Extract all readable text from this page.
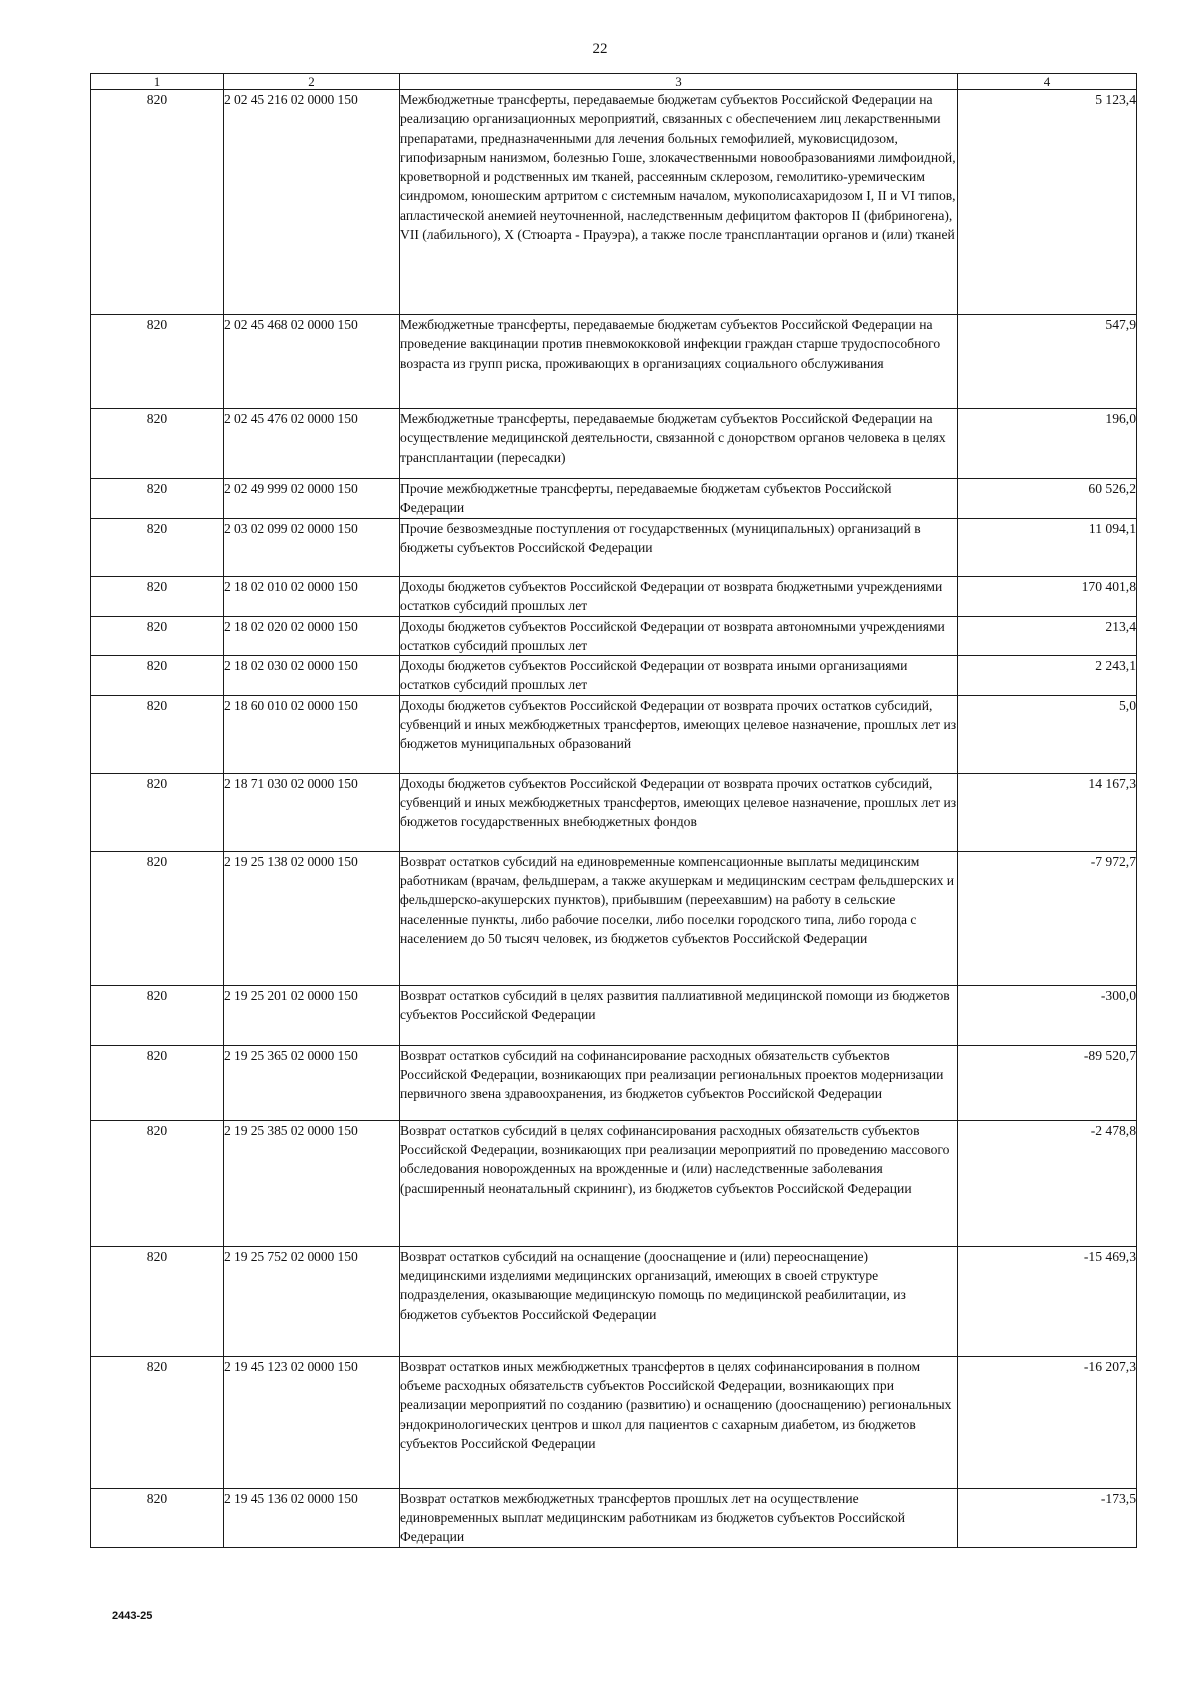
22
1	2	3	4
820	2 02 45 216 02 0000 150	Межбюджетные трансферты, передаваемые бюджетам субъектов Российской Федерации на реализацию организационных мероприятий, связанных с обеспечением лиц лекарственными препаратами, предназначенными для лечения больных гемофилией, муковисцидозом, гипофизарным нанизмом, болезнью Гоше, злокачественными новообразованиями лимфоидной, кроветворной и родственных им тканей, рассеянным склерозом, гемолитико-уремическим синдромом, юношеским артритом с системным началом, мукополисахаридозом I, II и VI типов, апластической анемией неуточненной, наследственным дефицитом факторов II (фибриногена), VII (лабильного), X (Стюарта - Прауэра), а также после трансплантации органов и (или) тканей	5 123,4
820	2 02 45 468 02 0000 150	Межбюджетные трансферты, передаваемые бюджетам субъектов Российской Федерации на проведение вакцинации против пневмококковой инфекции граждан старше трудоспособного возраста из групп риска, проживающих в организациях социального обслуживания	547,9
820	2 02 45 476 02 0000 150	Межбюджетные трансферты, передаваемые бюджетам субъектов Российской Федерации на осуществление медицинской деятельности, связанной с донорством органов человека в целях трансплантации (пересадки)	196,0
820	2 02 49 999 02 0000 150	Прочие межбюджетные трансферты, передаваемые бюджетам субъектов Российской Федерации	60 526,2
820	2 03 02 099 02 0000 150	Прочие безвозмездные поступления от государственных (муниципальных) организаций в бюджеты субъектов Российской Федерации	11 094,1
820	2 18 02 010 02 0000 150	Доходы бюджетов субъектов Российской Федерации от возврата бюджетными учреждениями остатков субсидий прошлых лет	170 401,8
820	2 18 02 020 02 0000 150	Доходы бюджетов субъектов Российской Федерации от возврата автономными учреждениями остатков субсидий прошлых лет	213,4
820	2 18 02 030 02 0000 150	Доходы бюджетов субъектов Российской Федерации от возврата иными организациями остатков субсидий прошлых лет	2 243,1
820	2 18 60 010 02 0000 150	Доходы бюджетов субъектов Российской Федерации от возврата прочих остатков субсидий, субвенций и иных межбюджетных трансфертов, имеющих целевое назначение, прошлых лет из бюджетов муниципальных образований	5,0
820	2 18 71 030 02 0000 150	Доходы бюджетов субъектов Российской Федерации от возврата прочих остатков субсидий, субвенций и иных межбюджетных трансфертов, имеющих целевое назначение, прошлых лет из бюджетов государственных внебюджетных фондов	14 167,3
820	2 19 25 138 02 0000 150	Возврат остатков субсидий на единовременные компенсационные выплаты медицинским работникам (врачам, фельдшерам, а также акушеркам и медицинским сестрам фельдшерских и фельдшерско-акушерских пунктов), прибывшим (переехавшим) на работу в сельские населенные пункты, либо рабочие поселки, либо поселки городского типа, либо города с населением до 50 тысяч человек, из бюджетов субъектов Российской Федерации	-7 972,7
820	2 19 25 201 02 0000 150	Возврат остатков субсидий в целях развития паллиативной медицинской помощи из бюджетов субъектов Российской Федерации	-300,0
820	2 19 25 365 02 0000 150	Возврат остатков субсидий на софинансирование расходных обязательств субъектов Российской Федерации, возникающих при реализации региональных проектов модернизации первичного звена здравоохранения, из бюджетов субъектов Российской Федерации	-89 520,7
820	2 19 25 385 02 0000 150	Возврат остатков субсидий в целях софинансирования расходных обязательств субъектов Российской Федерации, возникающих при реализации мероприятий по проведению массового обследования новорожденных на врожденные и (или) наследственные заболевания (расширенный неонатальный скрининг), из бюджетов субъектов Российской Федерации	-2 478,8
820	2 19 25 752 02 0000 150	Возврат остатков субсидий на оснащение (дооснащение и (или) переоснащение) медицинскими изделиями медицинских организаций, имеющих в своей структуре подразделения, оказывающие медицинскую помощь по медицинской реабилитации, из бюджетов субъектов Российской Федерации	-15 469,3
820	2 19 45 123 02 0000 150	Возврат остатков иных межбюджетных трансфертов в целях софинансирования в полном объеме расходных обязательств субъектов Российской Федерации, возникающих при реализации мероприятий по созданию (развитию) и оснащению (дооснащению) региональных эндокринологических центров и школ для пациентов с сахарным диабетом, из бюджетов субъектов Российской Федерации	-16 207,3
820	2 19 45 136 02 0000 150	Возврат остатков межбюджетных трансфертов прошлых лет на осуществление единовременных выплат медицинским работникам из бюджетов субъектов Российской Федерации	-173,5
2443-25
